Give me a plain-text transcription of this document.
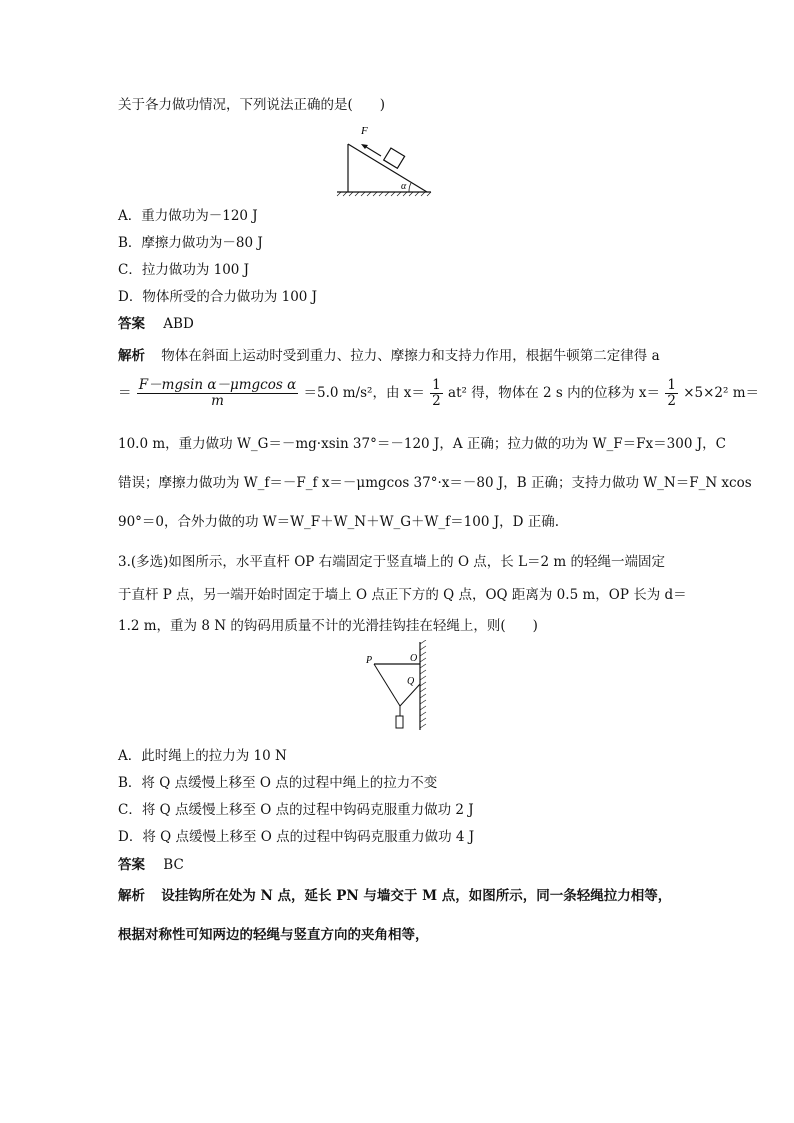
关于各力做功情况，下列说法正确的是(　　)
F
α
A．重力做功为－120 J
B．摩擦力做功为－80 J
C．拉力做功为 100 J
D．物体所受的合力做功为 100 J
答案 ABD
解析 物体在斜面上运动时受到重力、拉力、摩擦力和支持力作用，根据牛顿第二定律得 a
＝ $\frac{\text{F－mgsin α－μmgcos α}}{m} =5.0$ m/s²，由 $x= \frac{1}{2} at^2$ 得，物体在 2 s 内的位移为 $x= \frac{1}{2} \times 5\times 2^2$ m＝
10.0 m，重力做功 W_G＝－mg·xsin 37°＝－120 J，A 正确；拉力做的功为 W_F＝Fx＝300 J，C
错误；摩擦力做功为 W_f＝－F_f x＝－μmgcos 37°·x＝－80 J，B 正确；支持力做功 W_N＝F_N xcos
90°＝0，合外力做的功 W＝W_F＋W_N＋W_G＋W_f＝100 J，D 正确.
3.(多选)如图所示，水平直杆 OP 右端固定于竖直墙上的 O 点，长 L＝2 m 的轻绳一端固定
于直杆 P 点，另一端开始时固定于墙上 O 点正下方的 Q 点，OQ 距离为 0.5 m，OP 长为 d＝
1.2 m，重为 8 N 的钩码用质量不计的光滑挂钩挂在轻绳上，则(　　)
P	O
Q
A．此时绳上的拉力为 10 N
B．将 Q 点缓慢上移至 O 点的过程中绳上的拉力不变
C．将 Q 点缓慢上移至 O 点的过程中钩码克服重力做功 2 J
D．将 Q 点缓慢上移至 O 点的过程中钩码克服重力做功 4 J
答案 BC
解析 设挂钩所在处为 N 点，延长 PN 与墙交于 M 点，如图所示，同一条轻绳拉力相等，
根据对称性可知两边的轻绳与竖直方向的夹角相等，
